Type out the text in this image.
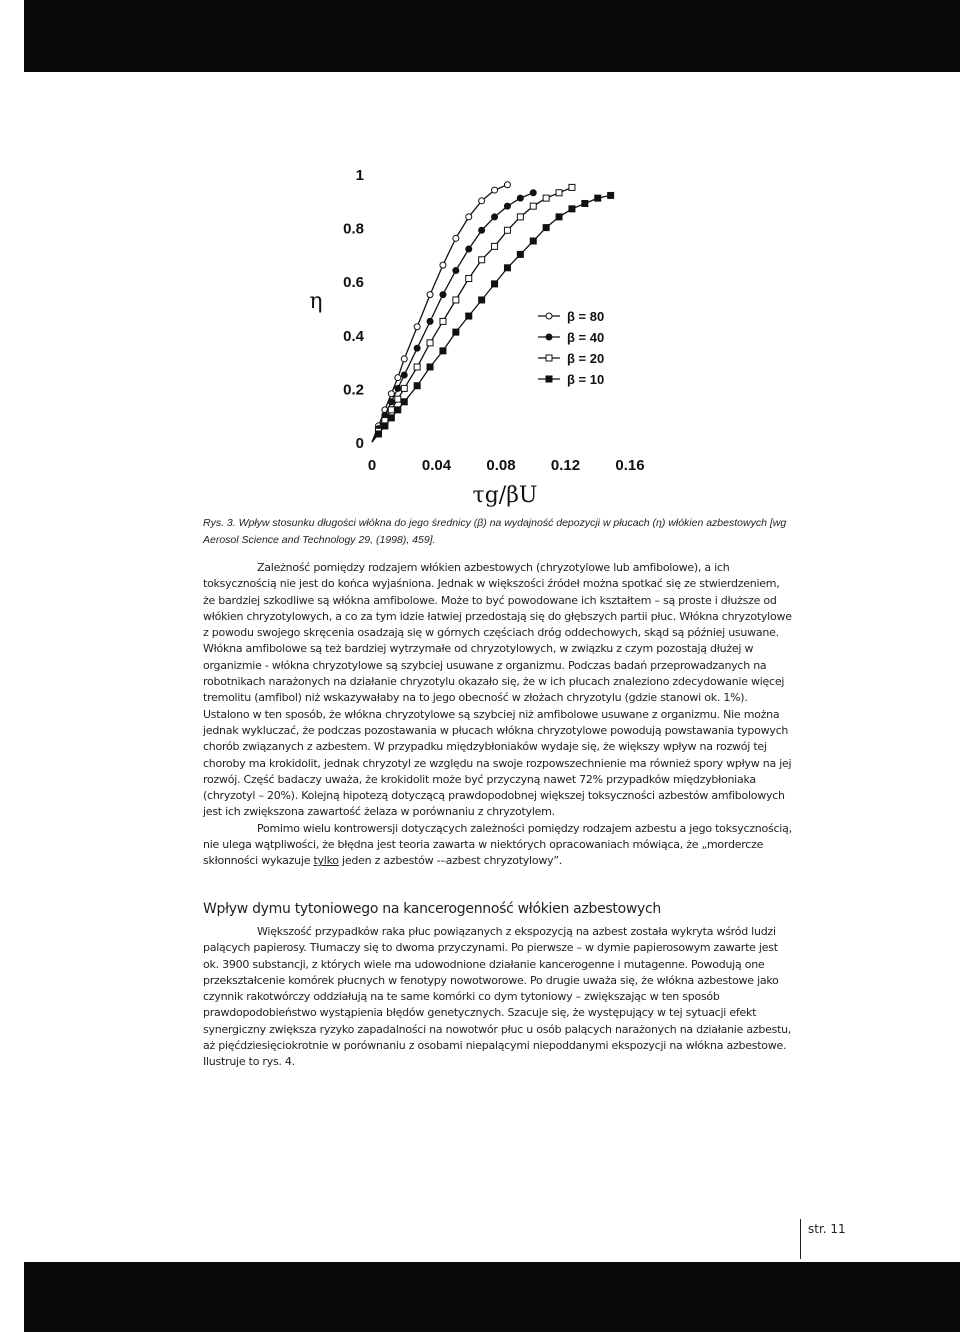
0
0.2
0.4
0.6
0.8
1
0	0.04 0.08 0.12 0.16
η
τg/βU
β = 80
β = 40
β = 20
β = 10
Rys. 3. Wpływ stosunku długości włókna do jego średnicy (β) na wydajność depozycji w płucach (η) włókien azbestowych [wg Aerosol Science and Technology 29, (1998), 459].

Zależność pomiędzy rodzajem włókien azbestowych (chryzotylowe lub amfibolowe), a ich toksycznością nie jest do końca wyjaśniona. Jednak w większości źródeł można spotkać się ze stwierdzeniem, że bardziej szkodliwe są włókna amfibolowe. Może to być powodowane ich kształtem – są proste i dłuższe od włókien chryzotylowych, a co za tym idzie łatwiej przedostają się do głębszych partii płuc. Włókna chryzotylowe z powodu swojego skręcenia osadzają się w górnych częściach dróg oddechowych, skąd są później usuwane. Włókna amfibolowe są też bardziej wytrzymałe od chryzotylowych, w związku z czym pozostają dłużej w organizmie - włókna chryzotylowe są szybciej usuwane z organizmu. Podczas badań przeprowadzanych na robotnikach narażonych na działanie chryzotylu okazało się, że w ich płucach znaleziono zdecydowanie więcej tremolitu (amfibol) niż wskazywałaby na to jego obecność w złożach chryzotylu (gdzie stanowi ok. 1%). Ustalono w ten sposób, że włókna chryzotylowe są szybciej niż amfibolowe usuwane z organizmu. Nie można jednak wykluczać, że podczas pozostawania w płucach włókna chryzotylowe powodują powstawania typowych chorób związanych z azbestem. W przypadku międzybłoniaków wydaje się, że większy wpływ na rozwój tej choroby ma krokidolit, jednak chryzotyl ze względu na swoje rozpowszechnienie ma również spory wpływ na jej rozwój. Część badaczy uważa, że krokidolit może być przyczyną nawet 72% przypadków międzybłoniaka (chryzotyl – 20%). Kolejną hipotezą dotyczącą prawdopodobnej większej toksyczności azbestów amfibolowych jest ich zwiększona zawartość żelaza w porównaniu z chryzotylem.

Pomimo wielu kontrowersji dotyczących zależności pomiędzy rodzajem azbestu a jego toksycznością, nie ulega wątpliwości, że błędna jest teoria zawarta w niektórych opracowaniach mówiąca, że „mordercze skłonności wykazuje tylko jeden z azbestów -–azbest chryzotylowy”.

Wpływ dymu tytoniowego na kancerogenność włókien azbestowych

Większość przypadków raka płuc powiązanych z ekspozycją na azbest została wykryta wśród ludzi palących papierosy. Tłumaczy się to dwoma przyczynami. Po pierwsze – w dymie papierosowym zawarte jest ok. 3900 substancji, z których wiele ma udowodnione działanie kancerogenne i mutagenne. Powodują one przekształcenie komórek płucnych w fenotypy nowotworowe. Po drugie uważa się, że włókna azbestowe jako czynnik rakotwórczy oddziałują na te same komórki co dym tytoniowy – zwiększając w ten sposób prawdopodobieństwo wystąpienia błędów genetycznych. Szacuje się, że występujący w tej sytuacji efekt synergiczny zwiększa ryzyko zapadalności na nowotwór płuc u osób palących narażonych na działanie azbestu, aż pięćdziesięciokrotnie w porównaniu z osobami niepalącymi niepoddanymi ekspozycji na włókna azbestowe. Ilustruje to rys. 4.

str. 11
